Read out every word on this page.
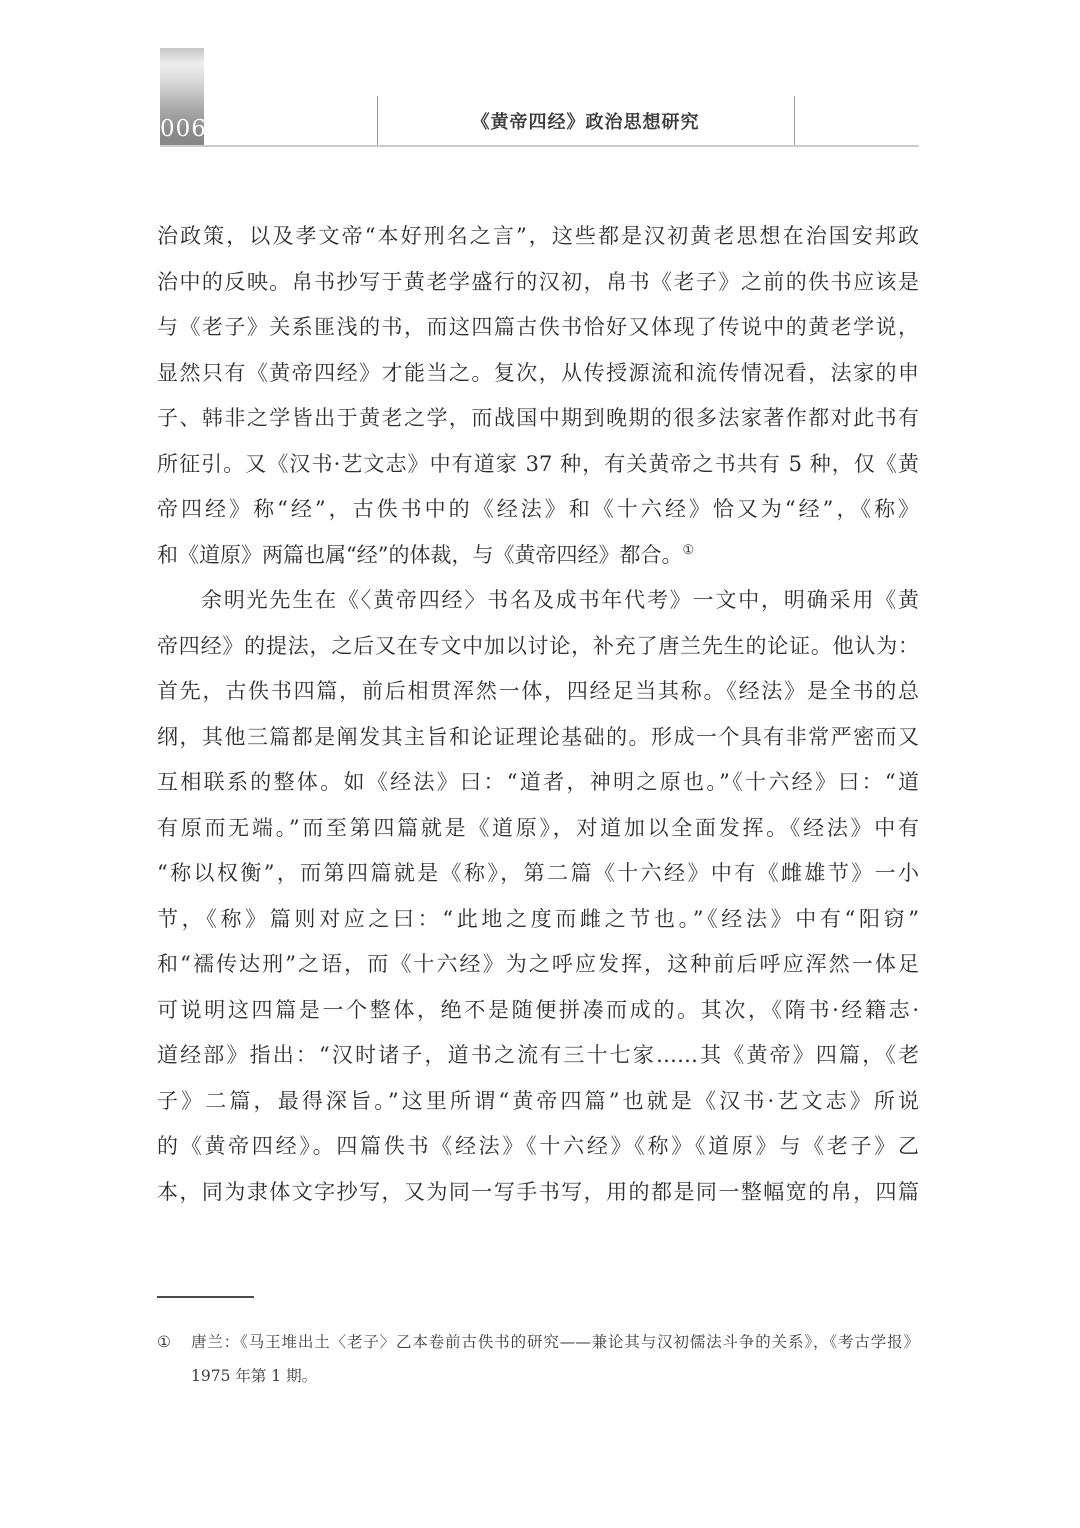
006	《黄帝四经》政治思想研究
治政策，以及孝文帝“本好刑名之言”，这些都是汉初黄老思想在治国安邦政
治中的反映。帛书抄写于黄老学盛行的汉初，帛书《老子》之前的佚书应该是
与《老子》关系匪浅的书，而这四篇古佚书恰好又体现了传说中的黄老学说，
显然只有《黄帝四经》才能当之。复次，从传授源流和流传情况看，法家的申
子、韩非之学皆出于黄老之学，而战国中期到晚期的很多法家著作都对此书有
所征引。又《汉书·艺文志》中有道家 37 种，有关黄帝之书共有 5 种，仅《黄
帝四经》称“经”，古佚书中的《经法》和《十六经》恰又为“经”，《称》
和《道原》两篇也属“经”的体裁，与《黄帝四经》都合。①
余明光先生在《〈黄帝四经〉书名及成书年代考》一文中，明确采用《黄
帝四经》的提法，之后又在专文中加以讨论，补充了唐兰先生的论证。他认为：
首先，古佚书四篇，前后相贯浑然一体，四经足当其称。《经法》是全书的总
纲，其他三篇都是阐发其主旨和论证理论基础的。形成一个具有非常严密而又
互相联系的整体。如《经法》曰：“道者，神明之原也。”《十六经》曰：“道
有原而无端。”而至第四篇就是《道原》，对道加以全面发挥。《经法》中有
“称以权衡”，而第四篇就是《称》，第二篇《十六经》中有《雌雄节》一小
节，《称》篇则对应之曰：“此地之度而雌之节也。”《经法》中有“阳窃”
和“襦传达刑”之语，而《十六经》为之呼应发挥，这种前后呼应浑然一体足
可说明这四篇是一个整体，绝不是随便拼凑而成的。其次，《隋书·经籍志·
道经部》指出：“汉时诸子，道书之流有三十七家……其《黄帝》四篇，《老
子》二篇，最得深旨。”这里所谓“黄帝四篇”也就是《汉书·艺文志》所说
的《黄帝四经》。四篇佚书《经法》《十六经》《称》《道原》与《老子》乙
本，同为隶体文字抄写，又为同一写手书写，用的都是同一整幅宽的帛，四篇
①	唐兰：《马王堆出土〈老子〉乙本卷前古佚书的研究——兼论其与汉初儒法斗争的关系》，《考古学报》
1975 年第 1 期。
